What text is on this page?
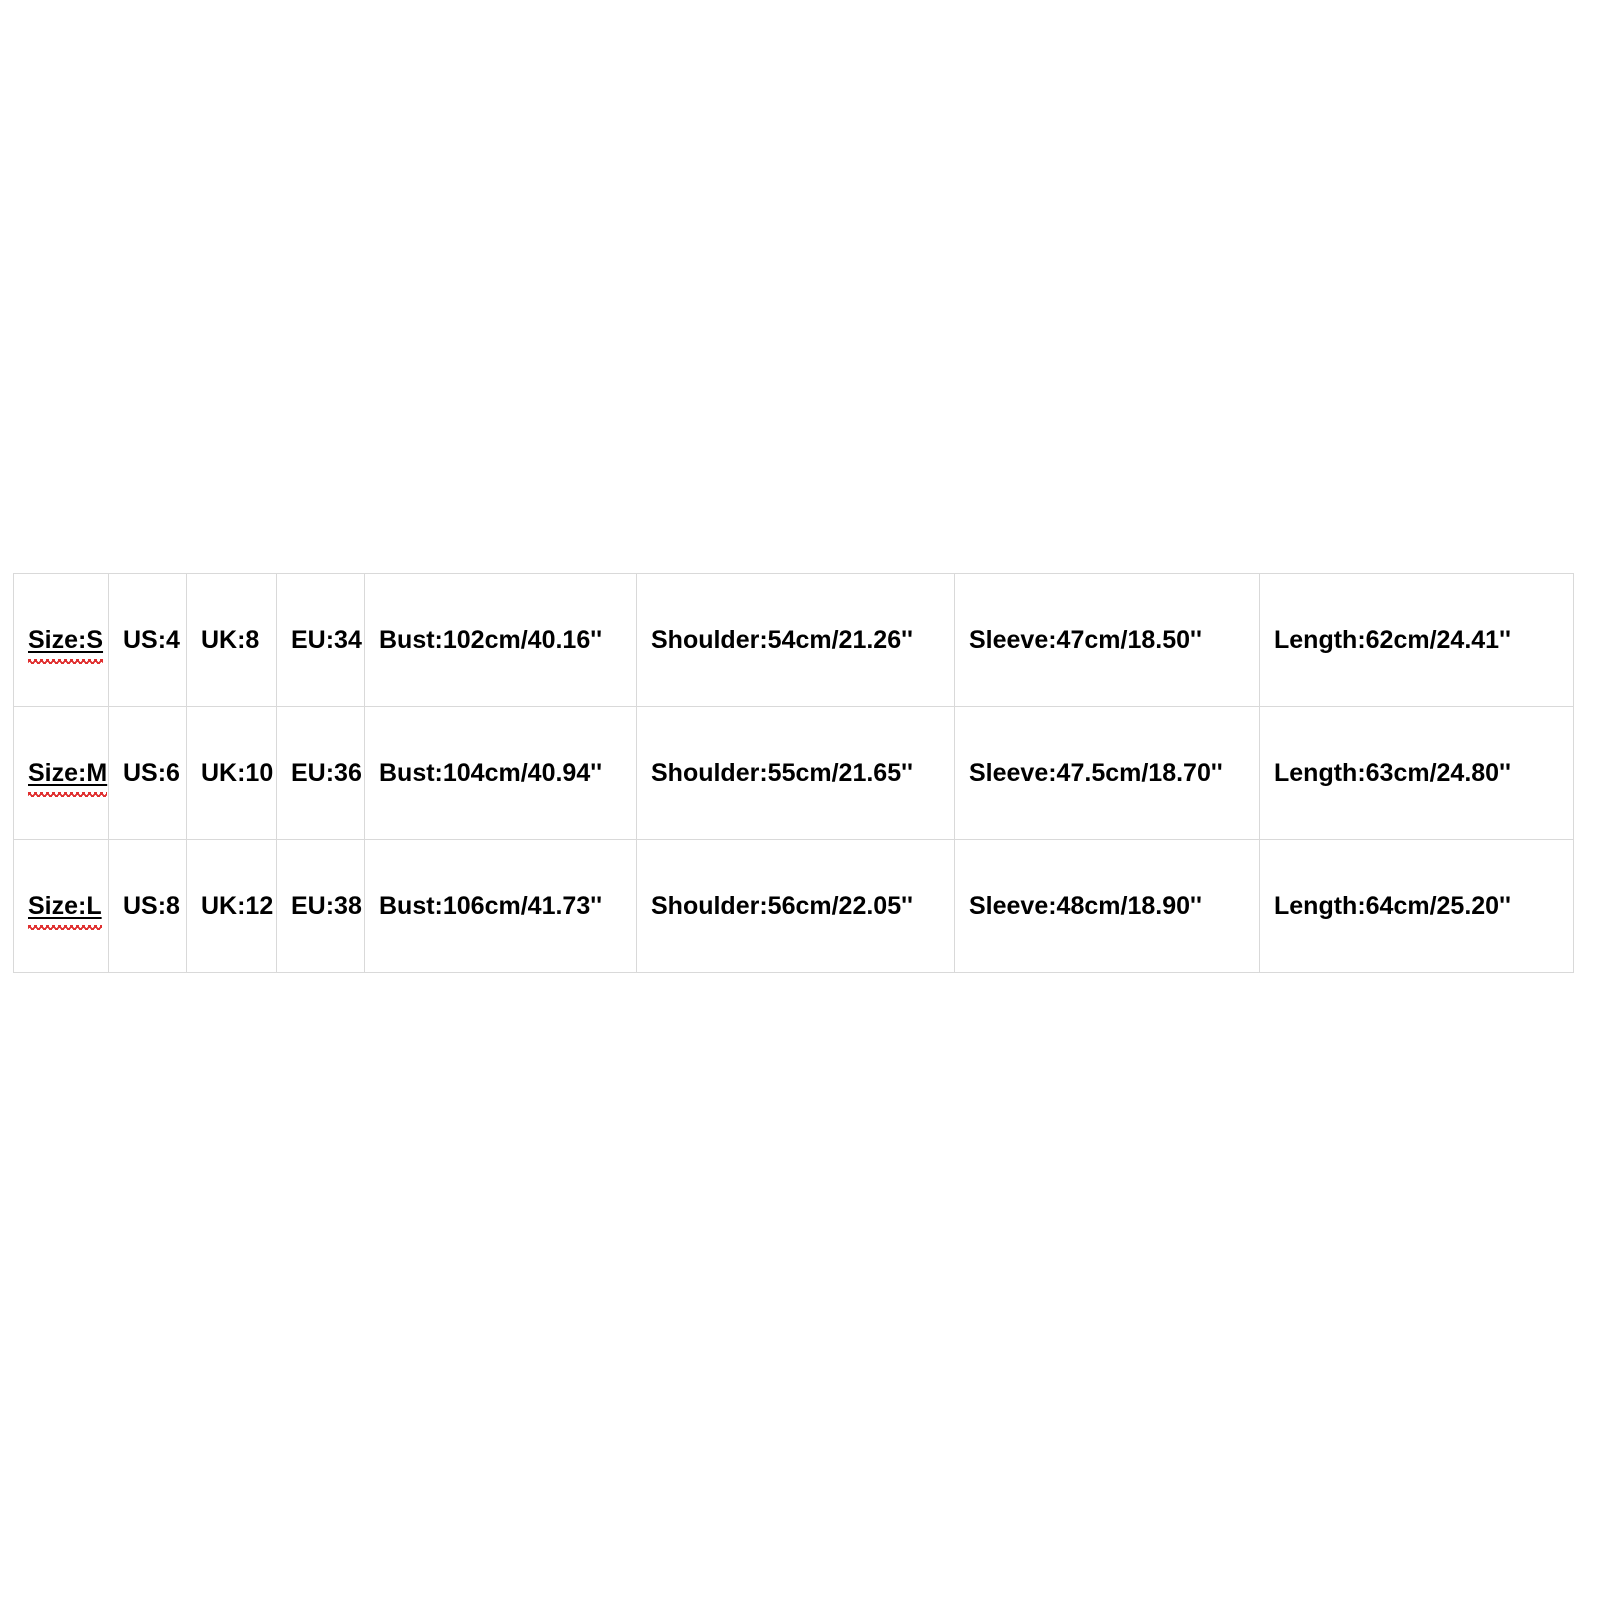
Size:S	US:4	UK:8	EU:34	Bust:102cm/40.16''	Shoulder:54cm/21.26''	Sleeve:47cm/18.50''	Length:62cm/24.41''
Size:M	US:6	UK:10	EU:36	Bust:104cm/40.94''	Shoulder:55cm/21.65''	Sleeve:47.5cm/18.70''	Length:63cm/24.80''
Size:L	US:8	UK:12	EU:38	Bust:106cm/41.73''	Shoulder:56cm/22.05''	Sleeve:48cm/18.90''	Length:64cm/25.20''
